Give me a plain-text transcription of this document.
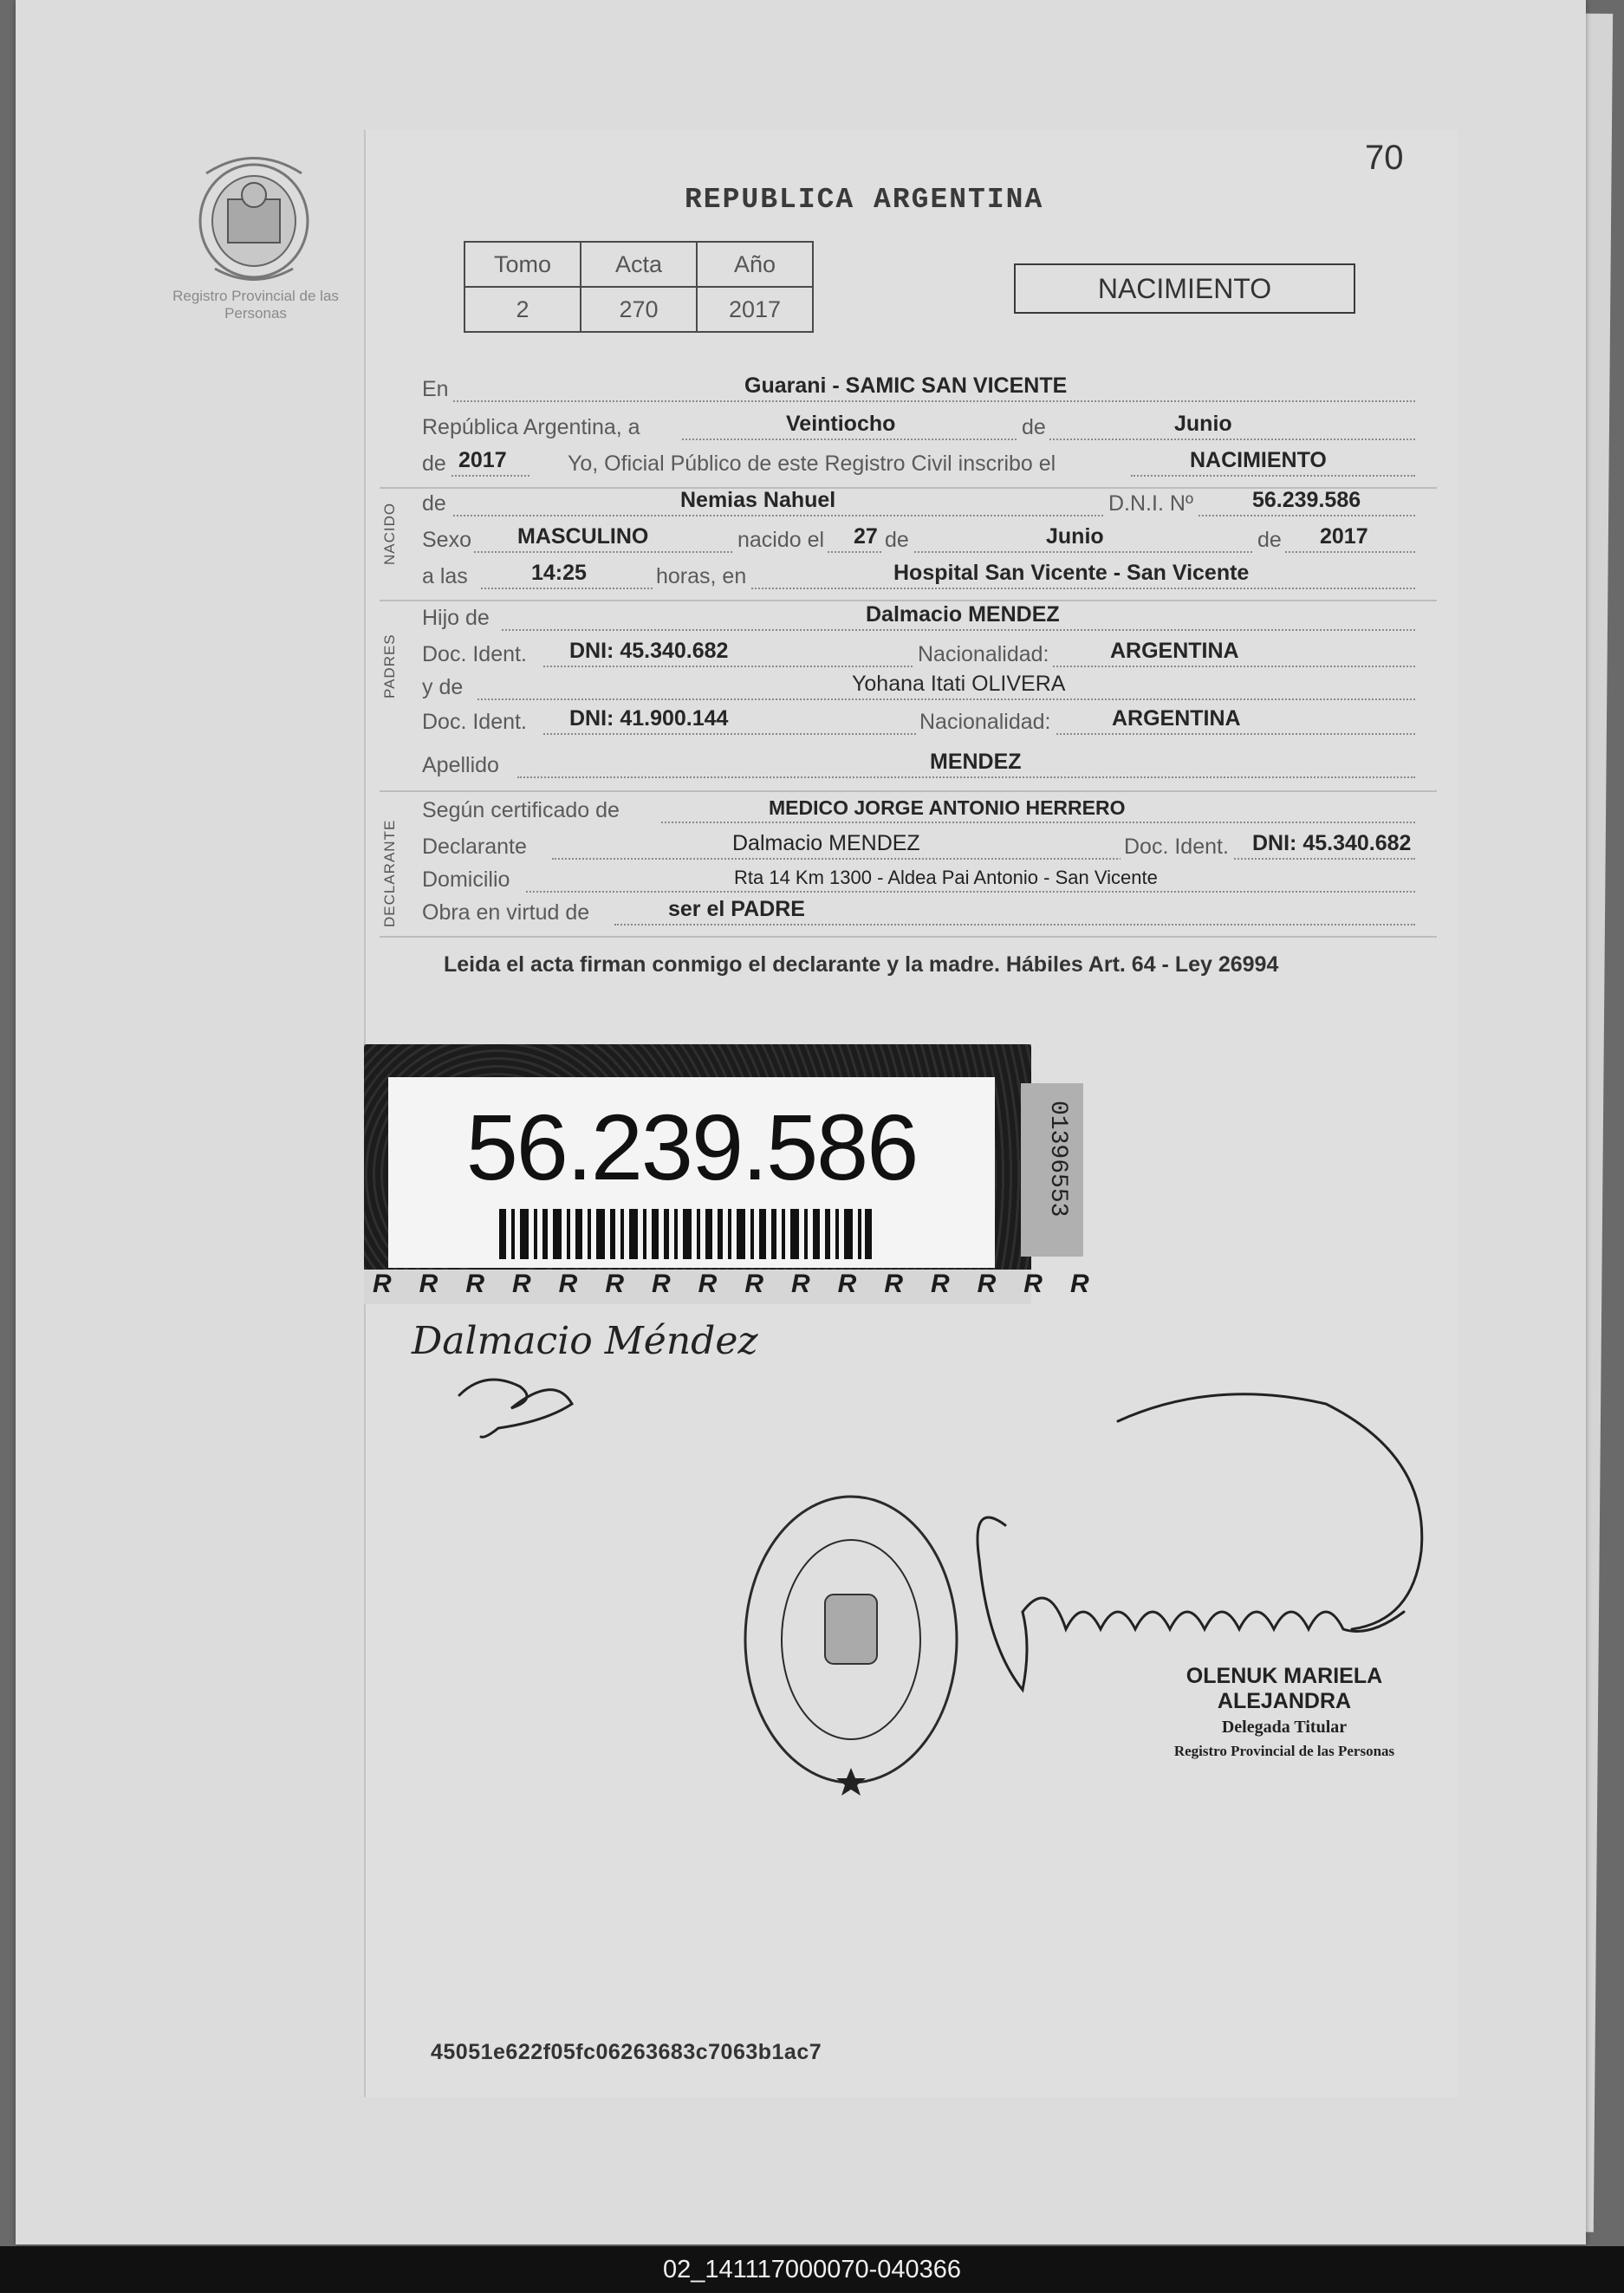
70
REPUBLICA ARGENTINA
Registro Provincial de las Personas
Tomo	Acta	Año
2	270	2017
NACIMIENTO
En	Guarani - SAMIC SAN VICENTE
República Argentina, a	Veintiocho	de	Junio
de 2017	Yo, Oficial Público de este Registro Civil inscribo el	NACIMIENTO
NACIDO de	Nemias Nahuel	D.N.I. Nº	56.239.586
Sexo MASCULINO	nacido el 27 de	Junio	de 2017
a las	14:25	horas, en	Hospital San Vicente - San Vicente
PADRES
Hijo de	Dalmacio MENDEZ
Doc. Ident. DNI: 45.340.682	Nacionalidad:	ARGENTINA
y de	Yohana Itati OLIVERA
Doc. Ident. DNI: 41.900.144	Nacionalidad:	ARGENTINA
Apellido	MENDEZ
DECLARANTE
Según certificado de	MEDICO JORGE ANTONIO HERRERO
Declarante	Dalmacio MENDEZ	Doc. Ident. DNI: 45.340.682
Domicilio	Rta 14 Km 1300 - Aldea Pai Antonio - San Vicente
Obra en virtud de	ser el PADRE
Leida el acta firman conmigo el declarante y la madre. Hábiles Art. 64 - Ley 26994
56.239.586
RRRRRRRRRRRRRRRR
01396553
Dalmacio Méndez
OLENUK MARIELA ALEJANDRA
Delegada Titular
Registro Provincial de las Personas
45051e622f05fc06263683c7063b1ac7
02_141117000070-040366
